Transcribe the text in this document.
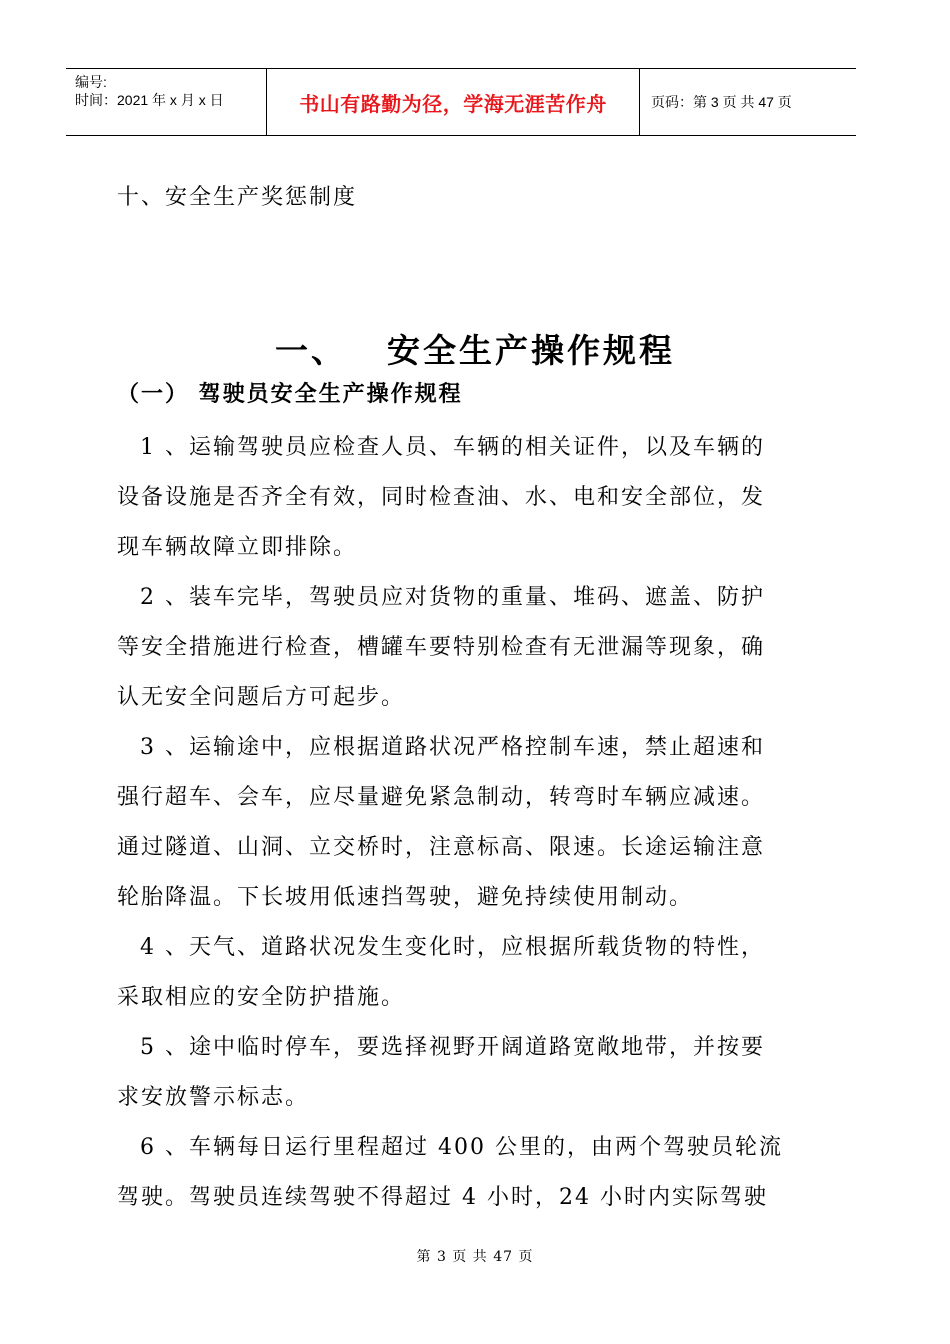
编号:
时间：2021 年 x 月 x 日	书山有路勤为径，学海无涯苦作舟	页码：第 3 页 共 47 页
十、安全生产奖惩制度
一、 安全生产操作规程
（一） 驾驶员安全生产操作规程
1 、运输驾驶员应检查人员、车辆的相关证件，以及车辆的
设备设施是否齐全有效，同时检查油、水、电和安全部位，发
现车辆故障立即排除。
2 、装车完毕，驾驶员应对货物的重量、堆码、遮盖、防护
等安全措施进行检查，槽罐车要特别检查有无泄漏等现象，确
认无安全问题后方可起步。
3 、运输途中，应根据道路状况严格控制车速，禁止超速和
强行超车、会车，应尽量避免紧急制动，转弯时车辆应减速。
通过隧道、山洞、立交桥时，注意标高、限速。长途运输注意
轮胎降温。下长坡用低速挡驾驶，避免持续使用制动。
4 、天气、道路状况发生变化时，应根据所载货物的特性，
采取相应的安全防护措施。
5 、途中临时停车，要选择视野开阔道路宽敞地带，并按要
求安放警示标志。
6 、车辆每日运行里程超过 400 公里的，由两个驾驶员轮流
驾驶。驾驶员连续驾驶不得超过 4 小时，24 小时内实际驾驶
第 3 页 共 47 页
